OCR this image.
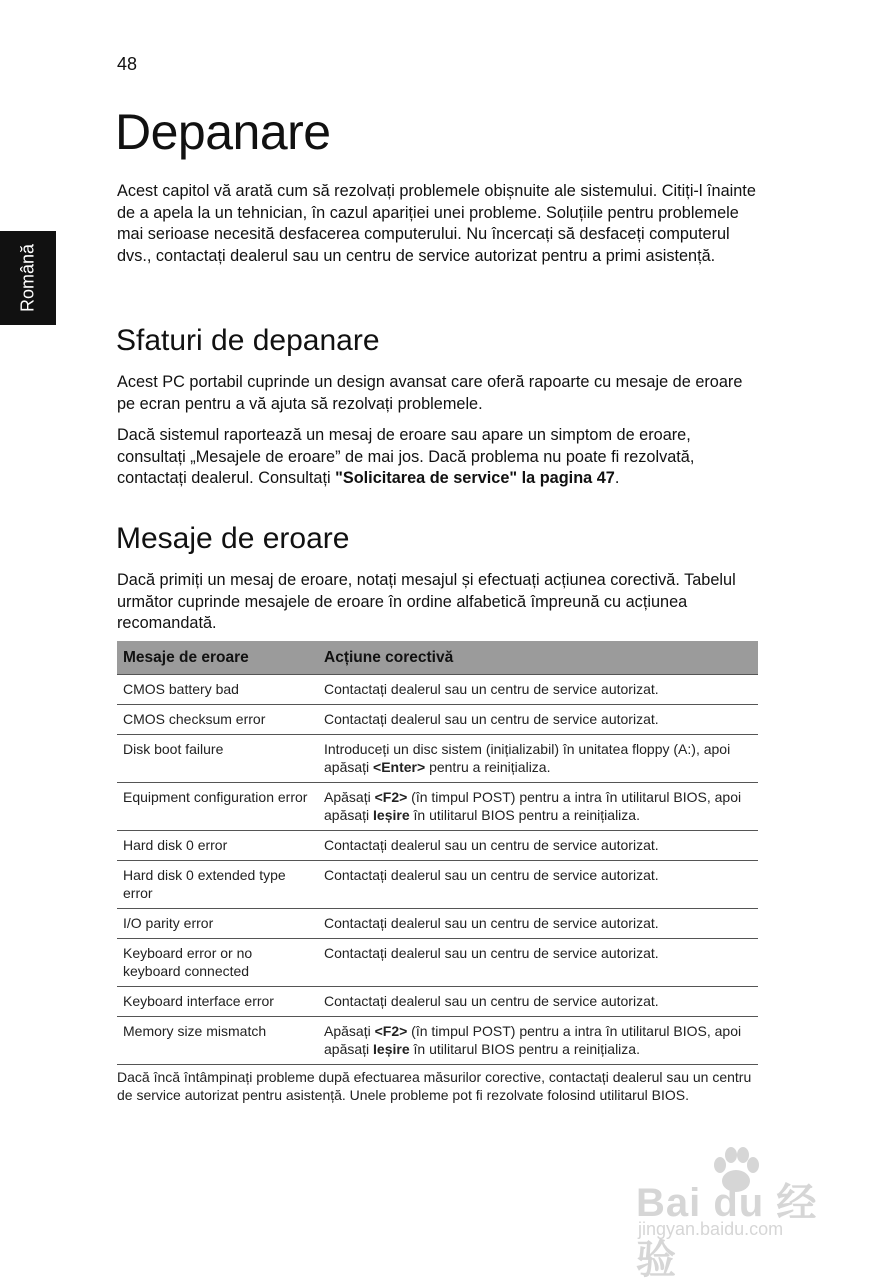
48
Română
Depanare

Acest capitol vă arată cum să rezolvați problemele obișnuite ale sistemului. Citiți-l înainte de a apela la un tehnician, în cazul apariției unei probleme. Soluțiile pentru problemele mai serioase necesită desfacerea computerului. Nu încercați să desfaceți computerul dvs., contactați dealerul sau un centru de service autorizat pentru a primi asistență.

Sfaturi de depanare

Acest PC portabil cuprinde un design avansat care oferă rapoarte cu mesaje de eroare pe ecran pentru a vă ajuta să rezolvați problemele.

Dacă sistemul raportează un mesaj de eroare sau apare un simptom de eroare, consultați „Mesajele de eroare” de mai jos. Dacă problema nu poate fi rezolvată, contactați dealerul. Consultați "Solicitarea de service" la pagina 47.

Mesaje de eroare

Dacă primiți un mesaj de eroare, notați mesajul și efectuați acțiunea corectivă. Tabelul următor cuprinde mesajele de eroare în ordine alfabetică împreună cu acțiunea recomandată.

Mesaje de eroare	Acțiune corectivă
CMOS battery bad	Contactați dealerul sau un centru de service autorizat.
CMOS checksum error	Contactați dealerul sau un centru de service autorizat.
Disk boot failure	Introduceți un disc sistem (inițializabil) în unitatea floppy (A:), apoi apăsați <Enter> pentru a reinițializa.
Equipment configuration error	Apăsați <F2> (în timpul POST) pentru a intra în utilitarul BIOS, apoi apăsați Ieșire în utilitarul BIOS pentru a reinițializa.
Hard disk 0 error	Contactați dealerul sau un centru de service autorizat.
Hard disk 0 extended type error	Contactați dealerul sau un centru de service autorizat.
I/O parity error	Contactați dealerul sau un centru de service autorizat.
Keyboard error or no keyboard connected	Contactați dealerul sau un centru de service autorizat.
Keyboard interface error	Contactați dealerul sau un centru de service autorizat.
Memory size mismatch	Apăsați <F2> (în timpul POST) pentru a intra în utilitarul BIOS, apoi apăsați Ieșire în utilitarul BIOS pentru a reinițializa.

Dacă încă întâmpinați probleme după efectuarea măsurilor corective, contactați dealerul sau un centru de service autorizat pentru asistență. Unele probleme pot fi rezolvate folosind utilitarul BIOS.

Bai du 经验
jingyan.baidu.com
